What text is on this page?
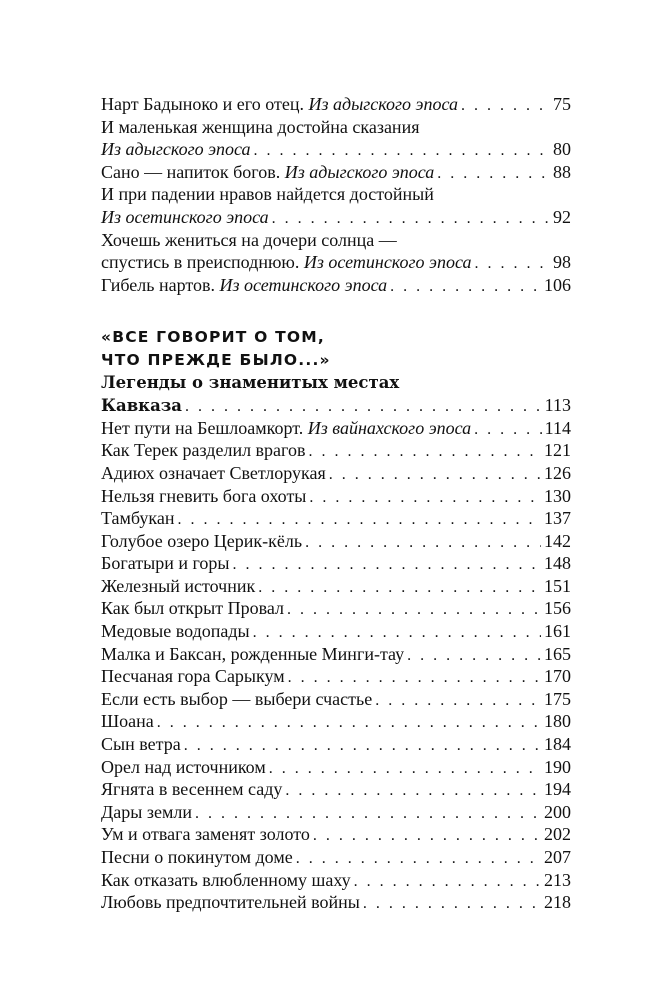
Нарт Бадыноко и его отец. Из адыгского эпоса . . .	75
И маленькая женщина достойна сказания
Из адыгского эпоса . . .	80
Сано — напиток богов. Из адыгского эпоса . . .	88
И при падении нравов найдется достойный
Из осетинского эпоса . . .	92
Хочешь жениться на дочери солнца —
спустись в преисподнюю. Из осетинского эпоса . . .	98
Гибель нартов. Из осетинского эпоса . . .	106
«ВСЕ ГОВОРИТ О ТОМ,
ЧТО ПРЕЖДЕ БЫЛО...»
Легенды о знаменитых местах
Кавказа . . .	113
Нет пути на Бешлоамкорт. Из вайнахского эпоса . . .	114
Как Терек разделил врагов . . .	121
Адиюх означает Светлорукая . . .	126
Нельзя гневить бога охоты . . .	130
Тамбукан . . .	137
Голубое озеро Церик-кёль . . .	142
Богатыри и горы . . .	148
Железный источник . . .	151
Как был открыт Провал . . .	156
Медовые водопады . . .	161
Малка и Баксан, рожденные Минги-тау . . .	165
Песчаная гора Сарыкум . . .	170
Если есть выбор — выбери счастье . . .	175
Шоана . . .	180
Сын ветра . . .	184
Орел над источником . . .	190
Ягнята в весеннем саду . . .	194
Дары земли . . .	200
Ум и отвага заменят золото . . .	202
Песни о покинутом доме . . .	207
Как отказать влюбленному шаху . . .	213
Любовь предпочтительней войны . . .	218
